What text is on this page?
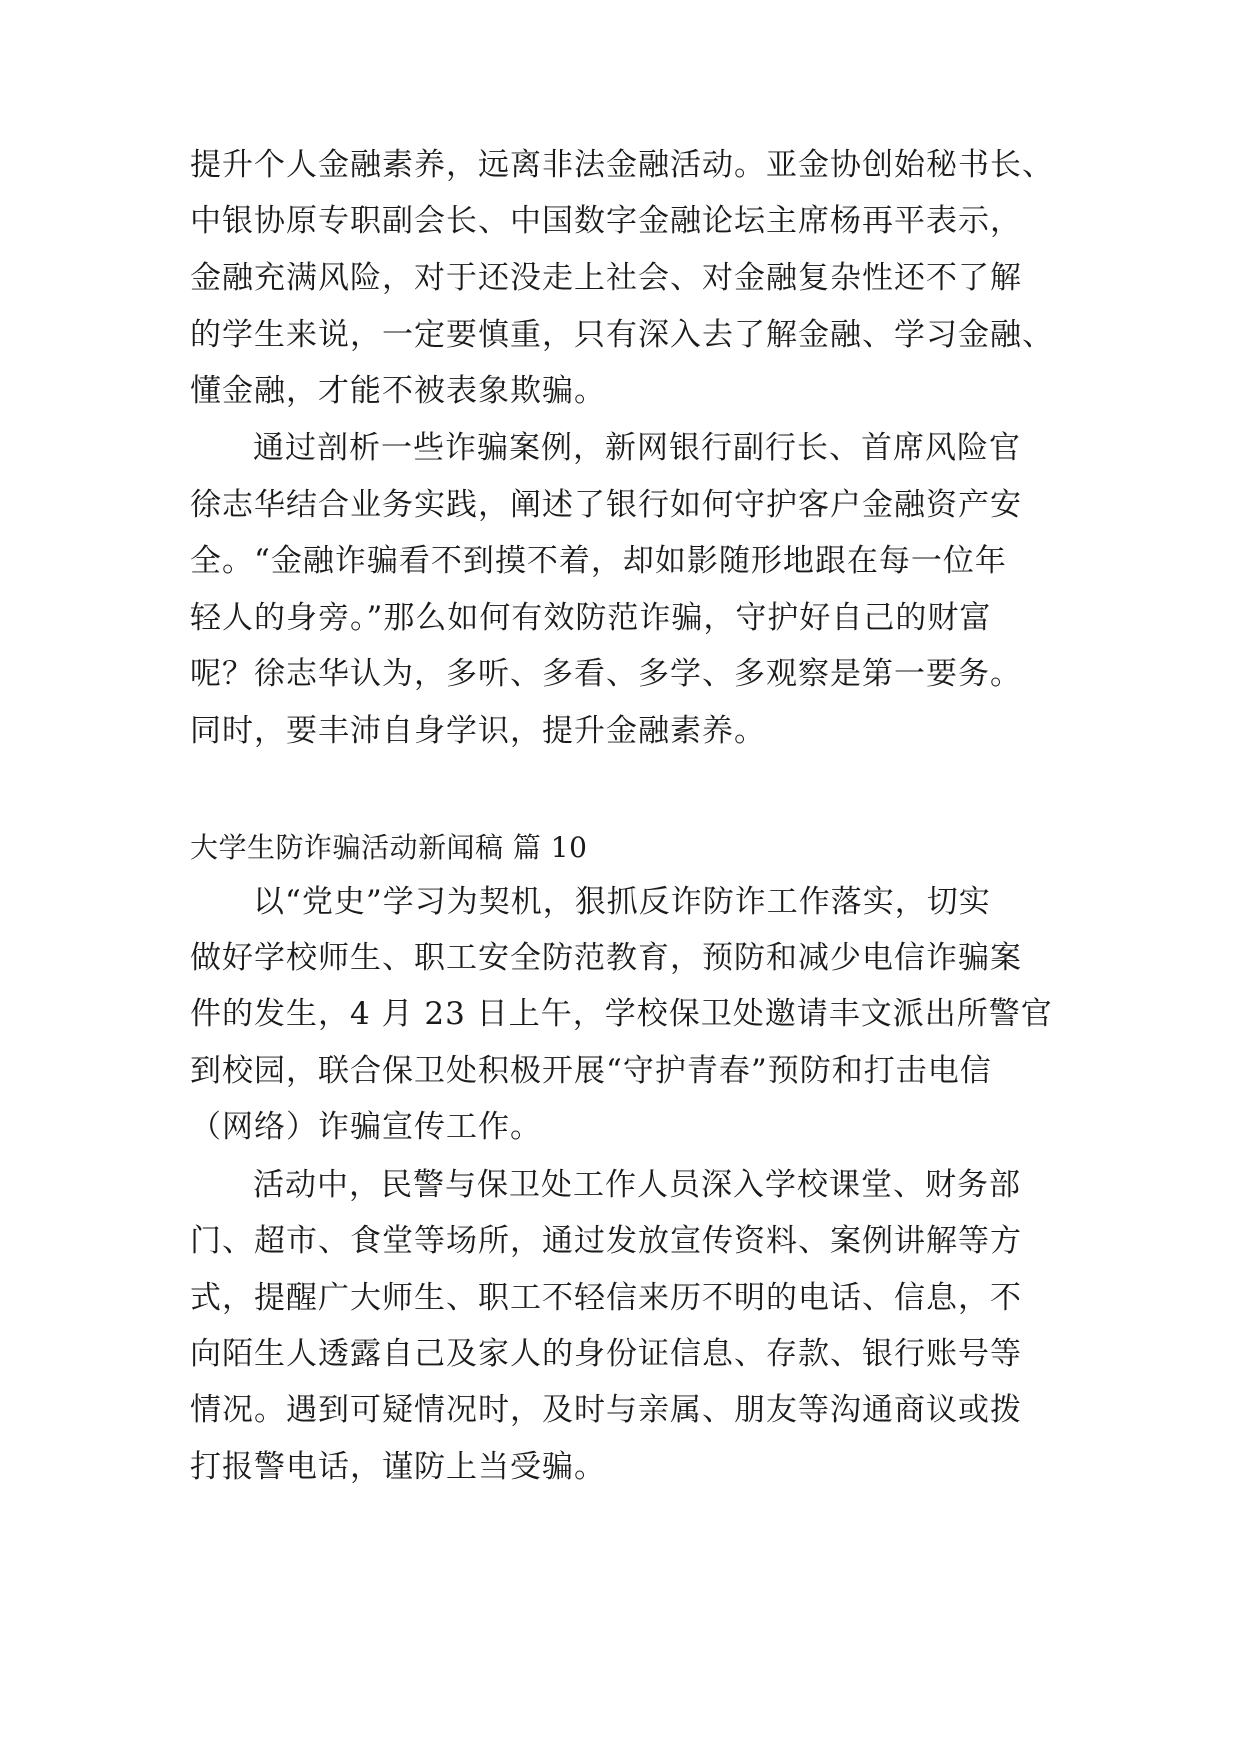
提升个人金融素养，远离非法金融活动。亚金协创始秘书长、

中银协原专职副会长、中国数字金融论坛主席杨再平表示，

金融充满风险，对于还没走上社会、对金融复杂性还不了解

的学生来说，一定要慎重，只有深入去了解金融、学习金融、

懂金融，才能不被表象欺骗。

通过剖析一些诈骗案例，新网银行副行长、首席风险官

徐志华结合业务实践，阐述了银行如何守护客户金融资产安

全。“金融诈骗看不到摸不着，却如影随形地跟在每一位年

轻人的身旁。”那么如何有效防范诈骗，守护好自己的财富

呢？徐志华认为，多听、多看、多学、多观察是第一要务。

同时，要丰沛自身学识，提升金融素养。

大学生防诈骗活动新闻稿 篇 10

以“党史”学习为契机，狠抓反诈防诈工作落实，切实

做好学校师生、职工安全防范教育，预防和减少电信诈骗案

件的发生，4 月 23 日上午，学校保卫处邀请丰文派出所警官

到校园，联合保卫处积极开展“守护青春”预防和打击电信

（网络）诈骗宣传工作。

活动中，民警与保卫处工作人员深入学校课堂、财务部

门、超市、食堂等场所，通过发放宣传资料、案例讲解等方

式，提醒广大师生、职工不轻信来历不明的电话、信息，不

向陌生人透露自己及家人的身份证信息、存款、银行账号等

情况。遇到可疑情况时，及时与亲属、朋友等沟通商议或拨

打报警电话，谨防上当受骗。
